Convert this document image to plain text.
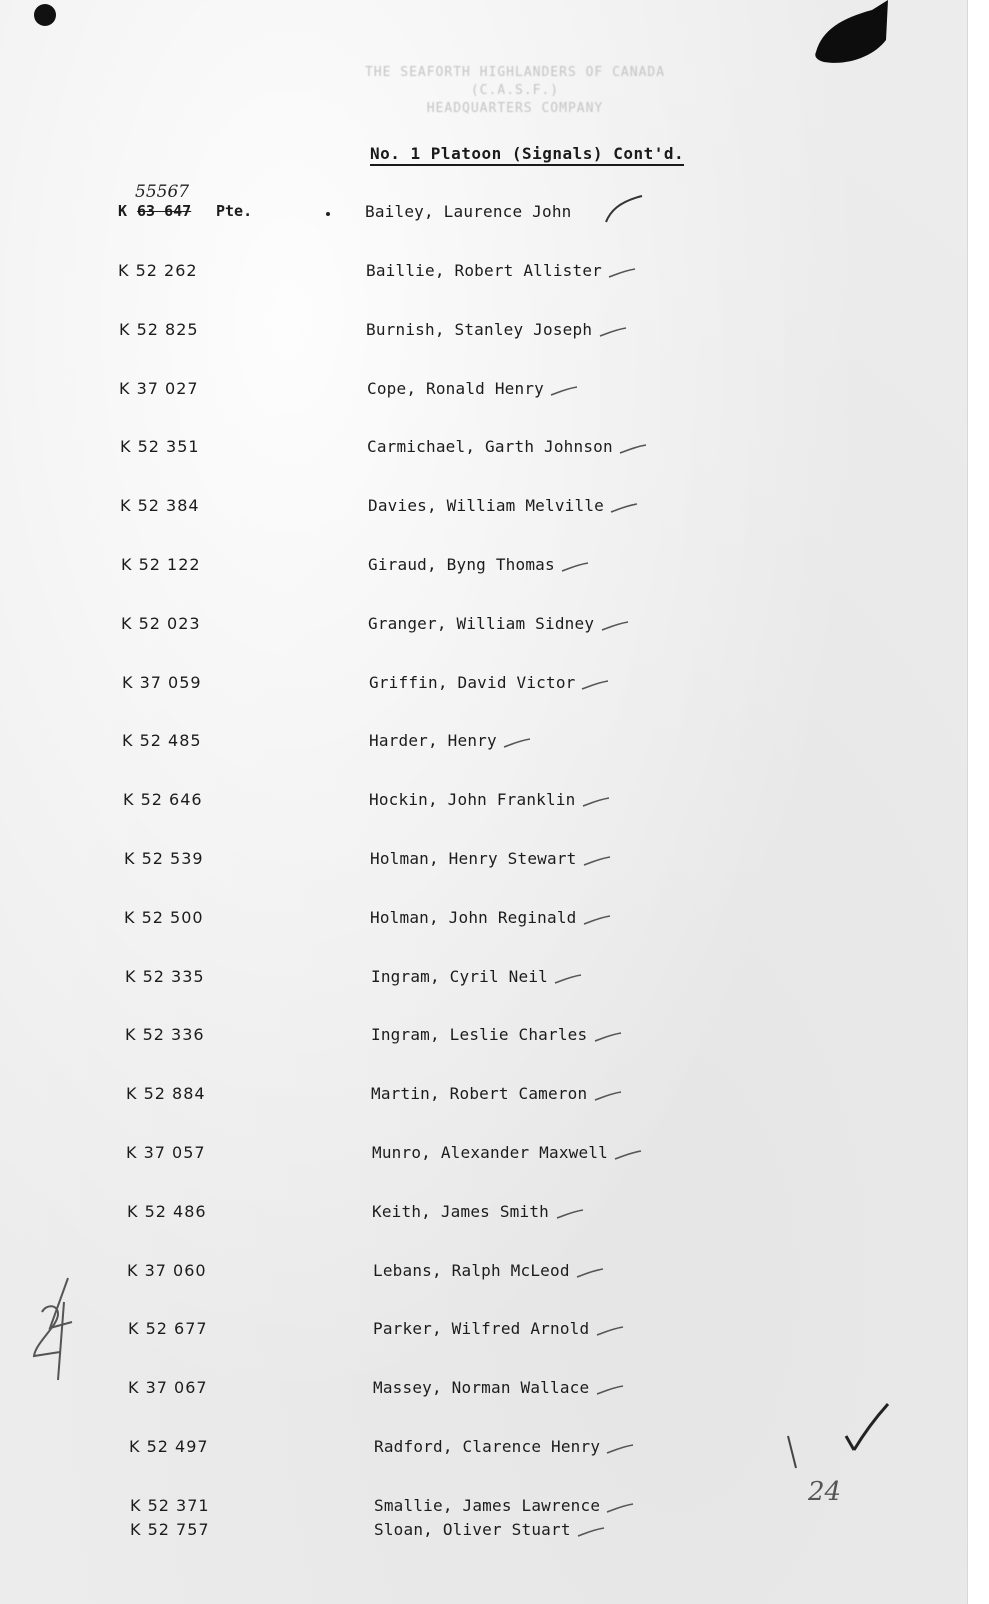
THE SEAFORTH HIGHLANDERS OF CANADA
(C.A.S.F.)
HEADQUARTERS COMPANY
No. 1 Platoon (Signals) Cont'd.
55567
K 63 647 Pte.	Bailey, Laurence John
K 52 262	Baillie, Robert Allister
K 52 825	Burnish, Stanley Joseph
K 37 027	Cope, Ronald Henry
K 52 351	Carmichael, Garth Johnson
K 52 384	Davies, William Melville
K 52 122	Giraud, Byng Thomas
K 52 023	Granger, William Sidney
K 37 059	Griffin, David Victor
K 52 485	Harder, Henry
K 52 646	Hockin, John Franklin
K 52 539	Holman, Henry Stewart
K 52 500	Holman, John Reginald
K 52 335	Ingram, Cyril Neil
K 52 336	Ingram, Leslie Charles
K 52 884	Martin, Robert Cameron
K 37 057	Munro, Alexander Maxwell
K 52 486	Keith, James Smith
K 37 060	Lebans, Ralph McLeod
K 52 677	Parker, Wilfred Arnold
K 37 067	Massey, Norman Wallace
K 52 497	Radford, Clarence Henry
K 52 371	Smallie, James Lawrence
K 52 757	Sloan, Oliver Stuart
24
24
